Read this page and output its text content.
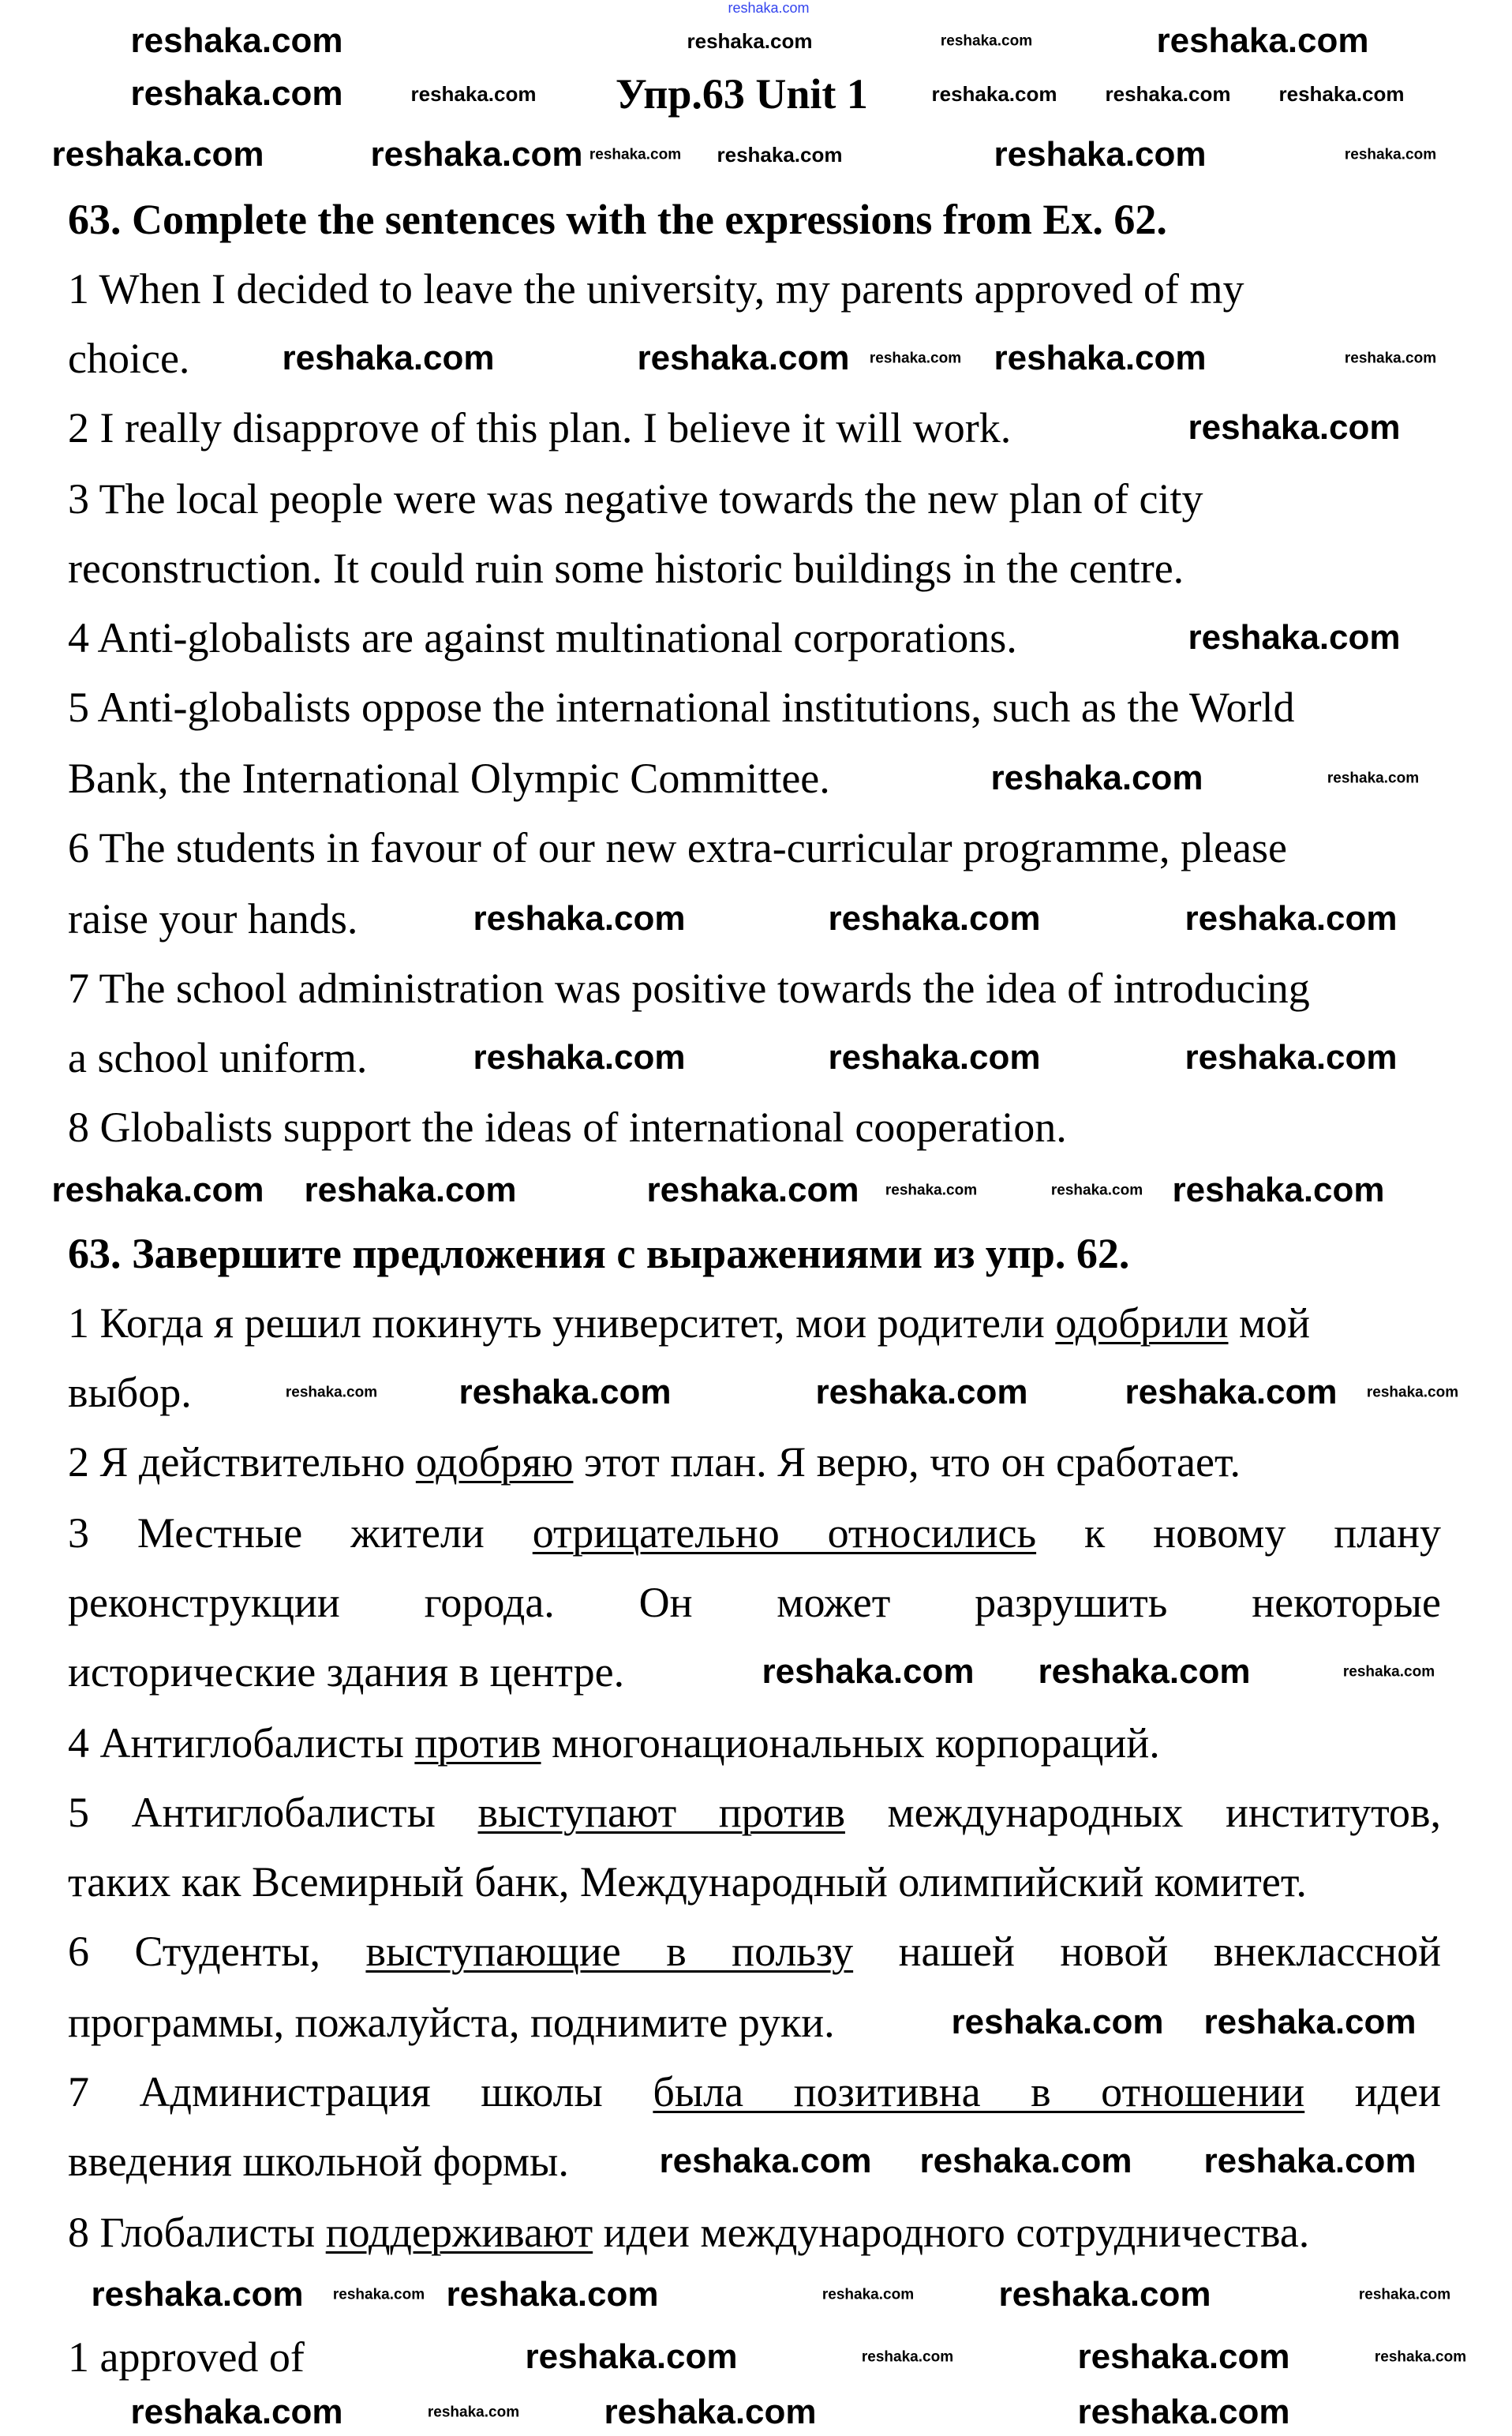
reshaka.com
Упр.63 Unit 1
63. Complete the sentences with the expressions from Ex. 62.
1 When I decided to leave the university, my parents approved of my
choice.
2 I really disapprove of this plan. I believe it will work.
3 The local people were was negative towards the new plan of city
reconstruction. It could ruin some historic buildings in the centre.
4 Anti-globalists are against multinational corporations.
5 Anti-globalists oppose the international institutions, such as the World
Bank, the International Olympic Committee.
6 The students in favour of our new extra-curricular programme, please
raise your hands.
7 The school administration was positive towards the idea of introducing
a school uniform.
8 Globalists support the ideas of international cooperation.
63. Завершите предложения с выражениями из упр. 62.
1 Когда я решил покинуть университет, мои родители одобрили мой
выбор.
2 Я действительно одобряю этот план. Я верю, что он сработает.
3 Местные жители отрицательно относились к новому плану
реконструкции города. Он может разрушить некоторые
исторические здания в центре.
4 Антиглобалисты против многонациональных корпораций.
5 Антиглобалисты выступают против международных институтов,
таких как Всемирный банк, Международный олимпийский комитет.
6 Студенты, выступающие в пользу нашей новой внеклассной
программы, пожалуйста, поднимите руки.
7 Администрация школы была позитивна в отношении идеи
введения школьной формы.
8 Глобалисты поддерживают идеи международного сотрудничества.
1 approved of
reshaka.com	reshaka.com	reshaka.com	reshaka.com
reshaka.com	reshaka.com	reshaka.com reshaka.com reshaka.com
reshaka.com	reshaka.com reshaka.com reshaka.com	reshaka.com	reshaka.com
reshaka.com	reshaka.com reshaka.com reshaka.com	reshaka.com
reshaka.com
reshaka.com
reshaka.com	reshaka.com
reshaka.com	reshaka.com	reshaka.com
reshaka.com	reshaka.com	reshaka.com
reshaka.com reshaka.com	reshaka.com reshaka.com	reshaka.com reshaka.com
reshaka.com reshaka.com	reshaka.com	reshaka.com reshaka.com
reshaka.com reshaka.com	reshaka.com
reshaka.com reshaka.com
reshaka.com reshaka.com reshaka.com
reshaka.com reshaka.com reshaka.com	reshaka.com reshaka.com	reshaka.com
reshaka.com	reshaka.com	reshaka.com	reshaka.com
reshaka.com	reshaka.com reshaka.com	reshaka.com
